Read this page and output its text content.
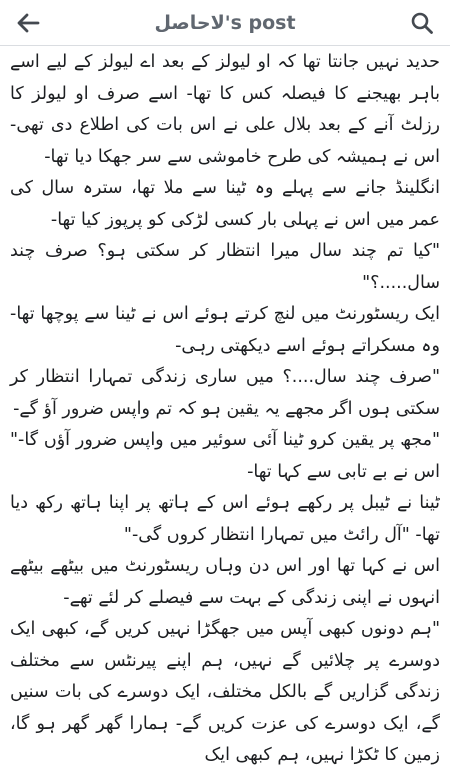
لاحاصل's post

حدید نہیں جانتا تھا کہ او لیولز کے بعد اے لیولز کے لیے اسے باہر بھیجنے کا فیصلہ کس کا تھا- اسے صرف او لیولز کا رزلٹ آنے کے بعد بلال علی نے اس بات کی اطلاع دی تھی- اس نے ہمیشہ کی طرح خاموشی سے سر جھکا دیا تھا-

انگلینڈ جانے سے پہلے وہ ٹینا سے ملا تھا، سترہ سال کی عمر میں اس نے پہلی بار کسی لڑکی کو پرپوز کیا تھا-

"کیا تم چند سال میرا انتظار کر سکتی ہو؟ صرف چند سال.....؟"

ایک ریسٹورنٹ میں لنچ کرتے ہوئے اس نے ٹینا سے پوچھا تھا- وہ مسکراتے ہوئے اسے دیکھتی رہی-

"صرف چند سال....؟ میں ساری زندگی تمہارا انتظار کر سکتی ہوں اگر مجھے یہ یقین ہو کہ تم واپس ضرور آؤ گے-

"مجھ پر یقین کرو ٹینا آئی سوئیر میں واپس ضرور آؤں گا-" اس نے بے تابی سے کہا تھا-

ٹینا نے ٹیبل پر رکھے ہوئے اس کے ہاتھ پر اپنا ہاتھ رکھ دیا تھا- "آل رائٹ میں تمہارا انتظار کروں گی-"

اس نے کہا تھا اور اس دن وہاں ریسٹورنٹ میں بیٹھے بیٹھے انہوں نے اپنی زندگی کے بہت سے فیصلے کر لئے تھے-

"ہم دونوں کبھی آپس میں جھگڑا نہیں کریں گے، کبھی ایک دوسرے پر چلائیں گے نہیں، ہم اپنے پیرنٹس سے مختلف زندگی گزاریں گے بالکل مختلف، ایک دوسرے کی بات سنیں گے، ایک دوسرے کی عزت کریں گے- ہمارا گھر گھر ہو گا، زمین کا ٹکڑا نہیں، ہم کبھی ایک
